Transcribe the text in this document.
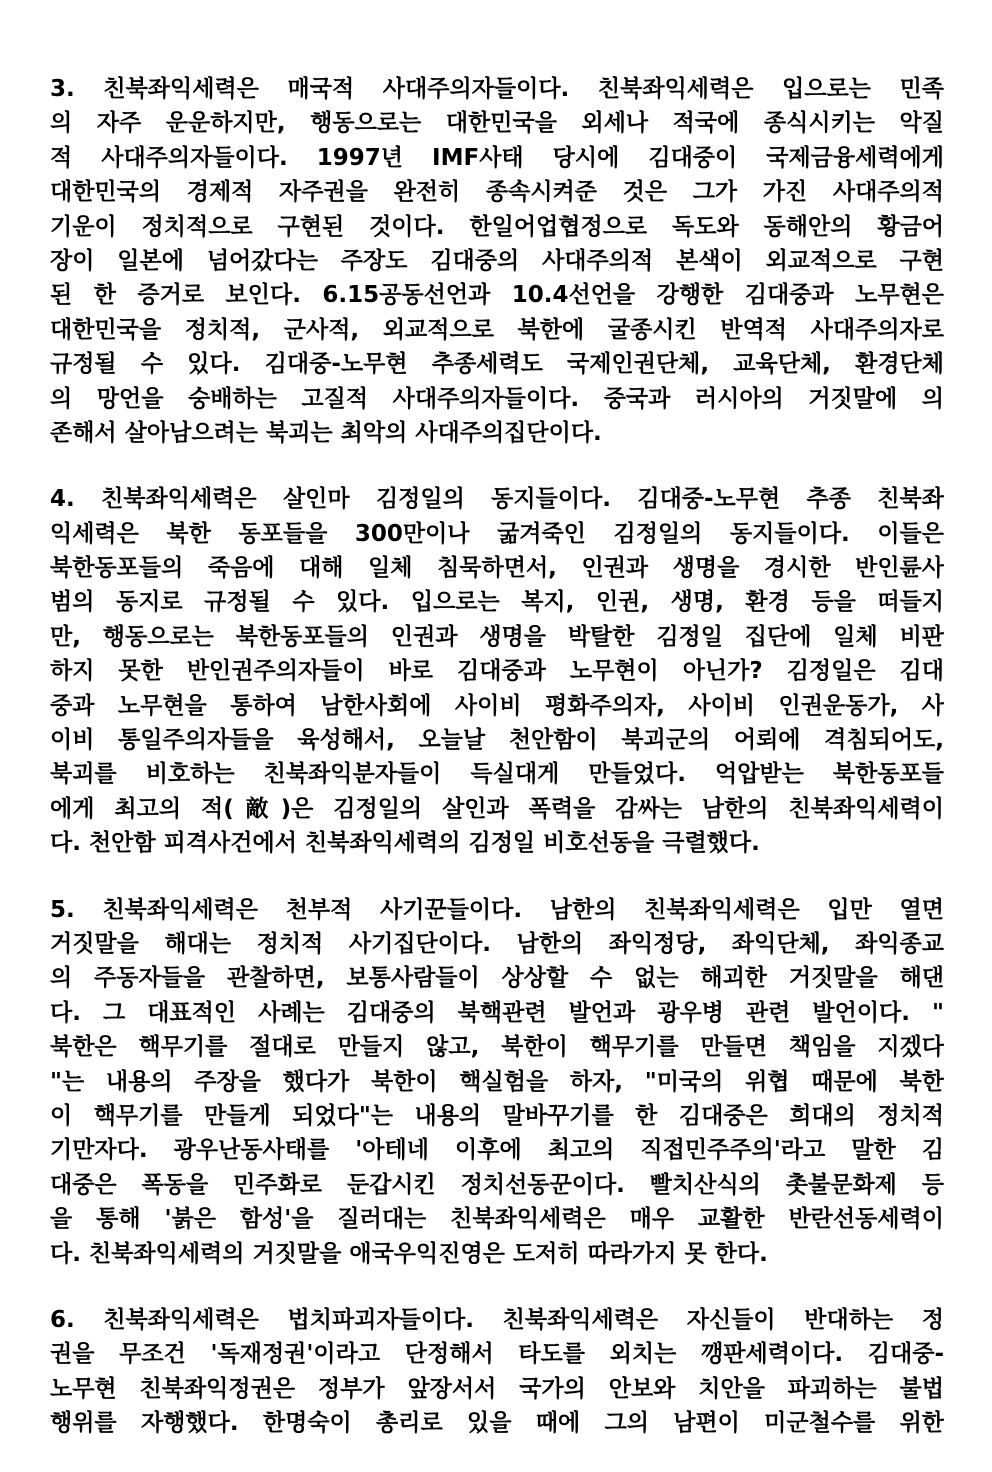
3. 친북좌익세력은 매국적 사대주의자들이다. 친북좌익세력은 입으로는 민족
의 자주 운운하지만, 행동으로는 대한민국을 외세나 적국에 종식시키는 악질
적 사대주의자들이다. 1997년 IMF사태 당시에 김대중이 국제금융세력에게
대한민국의 경제적 자주권을 완전히 종속시켜준 것은 그가 가진 사대주의적
기운이 정치적으로 구현된 것이다. 한일어업협정으로 독도와 동해안의 황금어
장이 일본에 넘어갔다는 주장도 김대중의 사대주의적 본색이 외교적으로 구현
된 한 증거로 보인다. 6.15공동선언과 10.4선언을 강행한 김대중과 노무현은
대한민국을 정치적, 군사적, 외교적으로 북한에 굴종시킨 반역적 사대주의자로
규정될 수 있다. 김대중-노무현 추종세력도 국제인권단체, 교육단체, 환경단체
의 망언을 숭배하는 고질적 사대주의자들이다. 중국과 러시아의 거짓말에 의
존해서 살아남으려는 북괴는 최악의 사대주의집단이다.
4. 친북좌익세력은 살인마 김정일의 동지들이다. 김대중-노무현 추종 친북좌
익세력은 북한 동포들을 300만이나 굶겨죽인 김정일의 동지들이다. 이들은
북한동포들의 죽음에 대해 일체 침묵하면서, 인권과 생명을 경시한 반인륜사
범의 동지로 규정될 수 있다. 입으로는 복지, 인권, 생명, 환경 등을 떠들지
만, 행동으로는 북한동포들의 인권과 생명을 박탈한 김정일 집단에 일체 비판
하지 못한 반인권주의자들이 바로 김대중과 노무현이 아닌가? 김정일은 김대
중과 노무현을 통하여 남한사회에 사이비 평화주의자, 사이비 인권운동가, 사
이비 통일주의자들을 육성해서, 오늘날 천안함이 북괴군의 어뢰에 격침되어도,
북괴를 비호하는 친북좌익분자들이 득실대게 만들었다. 억압받는 북한동포들
에게 최고의 적(敵)은 김정일의 살인과 폭력을 감싸는 남한의 친북좌익세력이
다. 천안함 피격사건에서 친북좌익세력의 김정일 비호선동을 극렬했다.
5. 친북좌익세력은 천부적 사기꾼들이다. 남한의 친북좌익세력은 입만 열면
거짓말을 해대는 정치적 사기집단이다. 남한의 좌익정당, 좌익단체, 좌익종교
의 주동자들을 관찰하면, 보통사람들이 상상할 수 없는 해괴한 거짓말을 해댄
다. 그 대표적인 사례는 김대중의 북핵관련 발언과 광우병 관련 발언이다. "
북한은 핵무기를 절대로 만들지 않고, 북한이 핵무기를 만들면 책임을 지겠다
"는 내용의 주장을 했다가 북한이 핵실험을 하자, "미국의 위협 때문에 북한
이 핵무기를 만들게 되었다"는 내용의 말바꾸기를 한 김대중은 희대의 정치적
기만자다. 광우난동사태를 '아테네 이후에 최고의 직접민주주의'라고 말한 김
대중은 폭동을 민주화로 둔갑시킨 정치선동꾼이다. 빨치산식의 촛불문화제 등
을 통해 '붉은 함성'을 질러대는 친북좌익세력은 매우 교활한 반란선동세력이
다. 친북좌익세력의 거짓말을 애국우익진영은 도저히 따라가지 못 한다.
6. 친북좌익세력은 법치파괴자들이다. 친북좌익세력은 자신들이 반대하는 정
권을 무조건 '독재정권'이라고 단정해서 타도를 외치는 깽판세력이다. 김대중-
노무현 친북좌익정권은 정부가 앞장서서 국가의 안보와 치안을 파괴하는 불법
행위를 자행했다. 한명숙이 총리로 있을 때에 그의 남편이 미군철수를 위한
